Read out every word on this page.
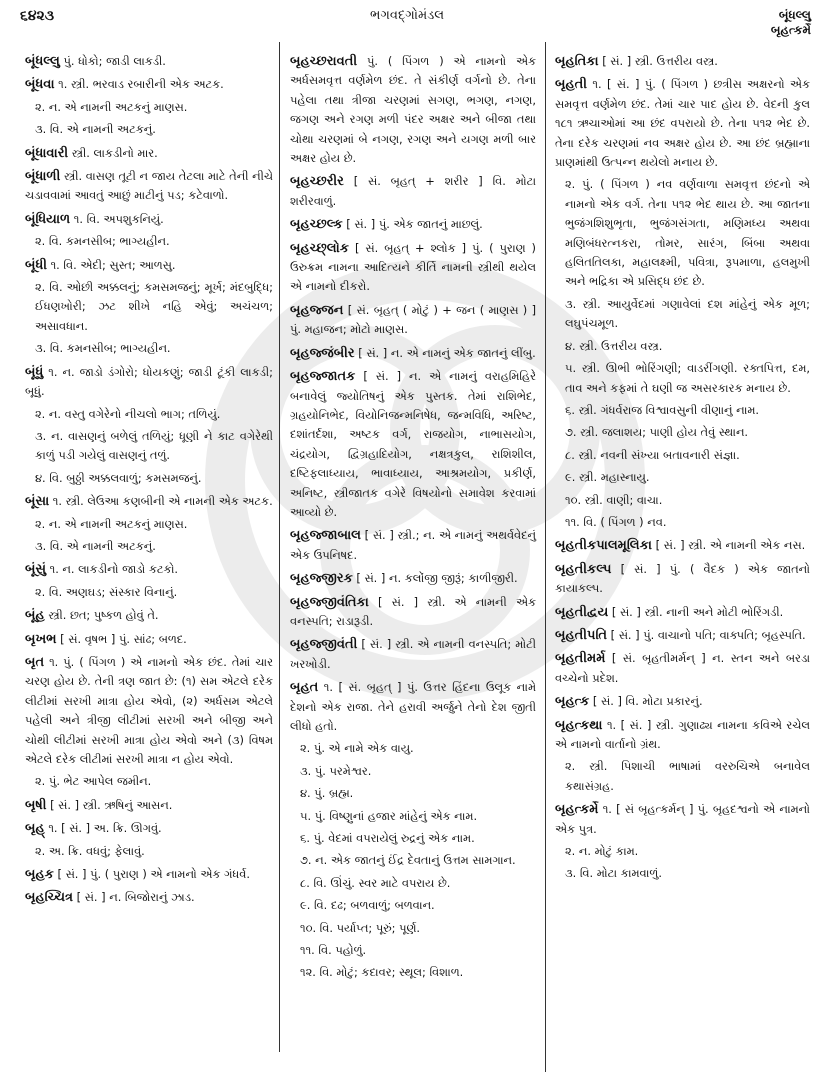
૬૪૨૩	ભગવદ્ગોમંડલ	બૂંધલ્લુ
બૃહત્કર્મે
બૂંધલ્લુ પું. ધોકો; જાડી લાકડી.
બૂંધવા ૧. સ્ત્રી. ભરવાડ રબારીની એક અટક.
૨. ન. એ નામની અટકનું માણસ.
૩. વિ. એ નામની અટકનું.
બૂંધાવારી સ્ત્રી. લાકડીનો માર.
બૂંધાળી સ્ત્રી. વાસણ તૂટી ન જાય તેટલા માટે તેની નીચે ચડાવવામાં આવતું આછું માટીનું પડ; કટેવાળો.
બૂંધિયાળ ૧. વિ. અપશુકનિયું.
૨. વિ. કમનસીબ; ભાગ્યહીન.
બૂંધી ૧. વિ. એદી; સુસ્ત; આળસુ.
૨. વિ. ઓછી અક્કલનું; કમસમજનું; મૂર્ખ; મંદબુદ્ધિ; ઈધણખોરી; ઝટ શીખે નહિ એવું; અચંચળ; અસાવધાન.
૩. વિ. કમનસીબ; ભાગ્યહીન.
બૂંધું ૧. ન. જાડો ડંગોરો; ધોયકણું; જાડી ટૂંકી લાકડી; બૂધું.
૨. ન. વસ્તુ વગેરેનો નીચલો ભાગ; તળિયું.
૩. ન. વાસણનું બળેલું તળિયું; ધૂણી ને કાટ વગેરેથી કાળું પડી ગયેલું વાસણનું તળું.
૪. વિ. બુઠ્ઠી અક્કલવાળું; કમસમજનું.
બૂંસા ૧. સ્ત્રી. લેઉઆ કણબીની એ નામની એક અટક.
૨. ન. એ નામની અટકનું માણસ.
૩. વિ. એ નામની અટકનું.
બૂંસું ૧. ન. લાકડીનો જાડો કટકો.
૨. વિ. અણઘડ; સંસ્કાર વિનાનું.
બૂંહ સ્ત્રી. છત; પુષ્કળ હોવું તે.
બૃખભ [ સં. વૃષભ ] પું. સાંઢ; બળદ.
બૃત ૧. પું. ( પિંગળ ) એ નામનો એક છંદ. તેમાં ચાર ચરણ હોય છે. તેની ત્રણ જાત છે: (૧) સમ એટલે દરેક લીટીમાં સરખી માત્રા હોય એવો, (૨) અર્ધસમ એટલે પહેલી અને ત્રીજી લીટીમાં સરખી અને બીજી અને ચોથી લીટીમાં સરખી માત્રા હોય એવો અને (૩) વિષમ એટલે દરેક લીટીમાં સરખી માત્રા ન હોય એવો.
૨. પું. ભેટ આપેલ જમીન.
બૃષી [ સં. ] સ્ત્રી. ઋષિનું આસન.
બૃહ્ ૧. [ સં. ] અ. ક્રિ. ઊગવું.
૨. અ. ક્રિ. વધવું; ફેલાવું.
બૃહક [ સં. ] પું. ( પુરાણ ) એ નામનો એક ગંધર્વ.
બૃહચ્ચિત્ર [ સં. ] ન. બિજોરાનું ઝાડ.
બૃહચ્છરાવતી પું. ( પિંગળ ) એ નામનો એક અર્ધસમવૃત્ત વર્ણમેળ છંદ. તે સંકીર્ણ વર્ગનો છે. તેના પહેલા તથા ત્રીજા ચરણમાં સગણ, ભગણ, નગણ, જગણ અને રગણ મળી પંદર અક્ષર અને બીજા તથા ચોથા ચરણમાં બે નગણ, રગણ અને યગણ મળી બાર અક્ષર હોય છે.
બૃહચ્છરીર [ સં. બૃહત્ + શરીર ] વિ. મોટા શરીરવાળું.
બૃહચ્છલ્ક [ સં. ] પું. એક જાતનું માછલું.
બૃહચ્છ્લોક [ સં. બૃહત્ + શ્લોક ] પું. ( પુરાણ ) ઉરુક્રમ નામના આદિત્યને કીર્તિ નામની સ્ત્રીથી થયેલ એ નામનો દીકરો.
બૃહજ્જન [ સં. બૃહત્ ( મોટું ) + જન ( માણસ ) ] પું. મહાજન; મોટો માણસ.
બૃહજ્જંબીર [ સં. ] ન. એ નામનું એક જાતનું લીંબુ.
બૃહજ્જાતક [ સં. ] ન. એ નામનું વરાહમિહિરે બનાવેલું જ્યોતિષનું એક પુસ્તક. તેમાં રાશિભેદ, ગ્રહયોનિભેદ, વિયોનિજન્મનિષેધ, જન્મવિધિ, અરિષ્ટ, દશાંતર્દશા, અષ્ટક વર્ગ, રાજયોગ, નાભાસયોગ, ચંદ્રયોગ, દ્વિગ્રહાદિયોગ, નક્ષત્રકુલ, રાશિશીલ, દષ્ટિફલાધ્યાય, ભાવાધ્યાય, આશ્રમયોગ, પ્રકીર્ણ, અનિષ્ટ, સ્ત્રીજાતક વગેરે વિષયોનો સમાવેશ કરવામાં આવ્યો છે.
બૃહજ્જાબાલ [ સં. ] સ્ત્રી.; ન. એ નામનું અથર્વવેદનું એક ઉપનિષદ.
બૃહજ્જીરક [ સં. ] ન. કલોંજી જીરૂં; કાળીજીરી.
બૃહજ્જીવંતિકા [ સં. ] સ્ત્રી. એ નામની એક વનસ્પતિ; રાડારૂડી.
બૃહજ્જીવંતી [ સં. ] સ્ત્રી. એ નામની વનસ્પતિ; મોટી ખરખોડી.
બૃહત ૧. [ સં. બૃહત્ ] પું. ઉત્તર હિંદના ઉલૂક નામે દેશનો એક રાજા. તેને હરાવી અર્જુને તેનો દેશ જીતી લીધો હતો.
૨. પું. એ નામે એક વાયુ.
૩. પું. પરમેશ્વર.
૪. પું. બ્રહ્મ.
૫. પું. વિષ્ણુનાં હજાર માંહેનું એક નામ.
૬. પું. વેદમાં વપરાયેલું રુદ્રનું એક નામ.
૭. ન. એક જાતનું ઈંદ્ર દેવતાનું ઉત્તમ સામગાન.
૮. વિ. ઊંચું. સ્વર માટે વપરાય છે.
૯. વિ. દઢ; બળવાળું; બળવાન.
૧૦. વિ. પર્યાપ્ત; પૂરું; પૂર્ણ.
૧૧. વિ. પહોળું.
૧૨. વિ. મોટું; કદાવર; સ્થૂલ; વિશાળ.
બૃહતિકા [ સં. ] સ્ત્રી. ઉત્તરીય વસ્ત્ર.
બૃહતી ૧. [ સં. ] પું. ( પિંગળ ) છત્રીસ અક્ષરનો એક સમવૃત્ત વર્ણમેળ છંદ. તેમાં ચાર પાદ હોય છે. વેદની કુલ ૧૮૧ ઋચાઓમાં આ છંદ વપરાયો છે. તેના ૫૧૨ ભેદ છે. તેના દરેક ચરણમાં નવ અક્ષર હોય છે. આ છંદ બ્રહ્માના પ્રાણમાંથી ઉત્પન્ન થયેલો મનાય છે.
૨. પું. ( પિંગળ ) નવ વર્ણવાળા સમવૃત્ત છંદનો એ નામનો એક વર્ગ. તેના ૫૧૨ ભેદ થાય છે. આ જાતના ભુજંગશિશુભૃતા, ભુજંગસંગતા, મણિમધ્ય અથવા મણિબંધરત્નકરા, તોમર, સારંગ, બિંબા અથવા હલિતતિલકા, મહાલક્ષ્મી, પવિત્રા, રૂપમાળા, હલમુખી અને ભદ્રિકા એ પ્રસિદ્ધ છંદ છે.
૩. સ્ત્રી. આયુર્વેદમાં ગણાવેલાં દશ માંહેનું એક મૂળ; લઘુપંચમૂળ.
૪. સ્ત્રી. ઉત્તરીય વસ્ત્ર.
૫. સ્ત્રી. ઊભી ભોરિંગણી; વાડરીંગણી. રક્તપિત્ત, દમ, તાવ અને કફમાં તે ઘણી જ અસરકારક મનાય છે.
૬. સ્ત્રી. ગંધર્વરાજ વિશ્વાવસુની વીણાનું નામ.
૭. સ્ત્રી. જલાશય; પાણી હોય તેવું સ્થાન.
૮. સ્ત્રી. નવની સંખ્યા બતાવનારી સંજ્ઞા.
૯. સ્ત્રી. મહાસ્નાયુ.
૧૦. સ્ત્રી. વાણી; વાચા.
૧૧. વિ. ( પિંગળ ) નવ.
બૃહતીકપાલમૂલિકા [ સં. ] સ્ત્રી. એ નામની એક નસ.
બૃહતીકલ્પ [ સં. ] પું. ( વૈદક ) એક જાતનો કાયાકલ્પ.
બૃહતીદ્વય [ સં. ] સ્ત્રી. નાની અને મોટી ભોરિંગડી.
બૃહતીપતિ [ સં. ] પું. વાચાનો પતિ; વાક્પતિ; બૃહસ્પતિ.
બૃહતીમર્મ [ સં. બૃહતીમર્મન્ ] ન. સ્તન અને બરડા વચ્ચેનો પ્રદેશ.
બૃહત્ક [ સં. ] વિ. મોટા પ્રકારનું.
બૃહત્કથા ૧. [ સં. ] સ્ત્રી. ગુણાઢ્ય નામના કવિએ રચેલ એ નામનો વાર્તાનો ગ્રંથ.
૨. સ્ત્રી. પિશાચી ભાષામાં વરરુચિએ બનાવેલ કથાસંગ્રહ.
બૃહત્કર્મે ૧. [ સં બૃહત્કર્મન્ ] પું. બૃહદશ્વનો એ નામનો એક પુત્ર.
૨. ન. મોટું કામ.
૩. વિ. મોટા કામવાળું.
